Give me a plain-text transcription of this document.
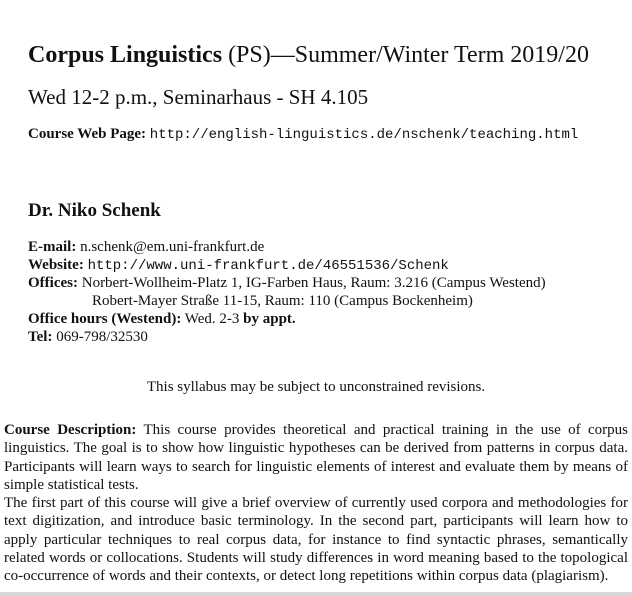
Corpus Linguistics (PS)—Summer/Winter Term 2019/20
Wed 12-2 p.m., Seminarhaus - SH 4.105
Course Web Page: http://english-linguistics.de/nschenk/teaching.html
Dr. Niko Schenk
E-mail: n.schenk@em.uni-frankfurt.de
Website: http://www.uni-frankfurt.de/46551536/Schenk
Offices: Norbert-Wollheim-Platz 1, IG-Farben Haus, Raum: 3.216 (Campus Westend)
Robert-Mayer Straße 11-15, Raum: 110 (Campus Bockenheim)
Office hours (Westend): Wed. 2-3 by appt.
Tel: 069-798/32530
This syllabus may be subject to unconstrained revisions.

Course Description: This course provides theoretical and practical training in the use of corpus linguistics. The goal is to show how linguistic hypotheses can be derived from patterns in corpus data. Participants will learn ways to search for linguistic elements of interest and evaluate them by means of simple statistical tests.

The first part of this course will give a brief overview of currently used corpora and methodologies for text digitization, and introduce basic terminology. In the second part, participants will learn how to apply particular techniques to real corpus data, for instance to find syntactic phrases, semantically related words or collocations. Students will study differences in word meaning based to the topological co-occurrence of words and their contexts, or detect long repetitions within corpus data (plagiarism).
